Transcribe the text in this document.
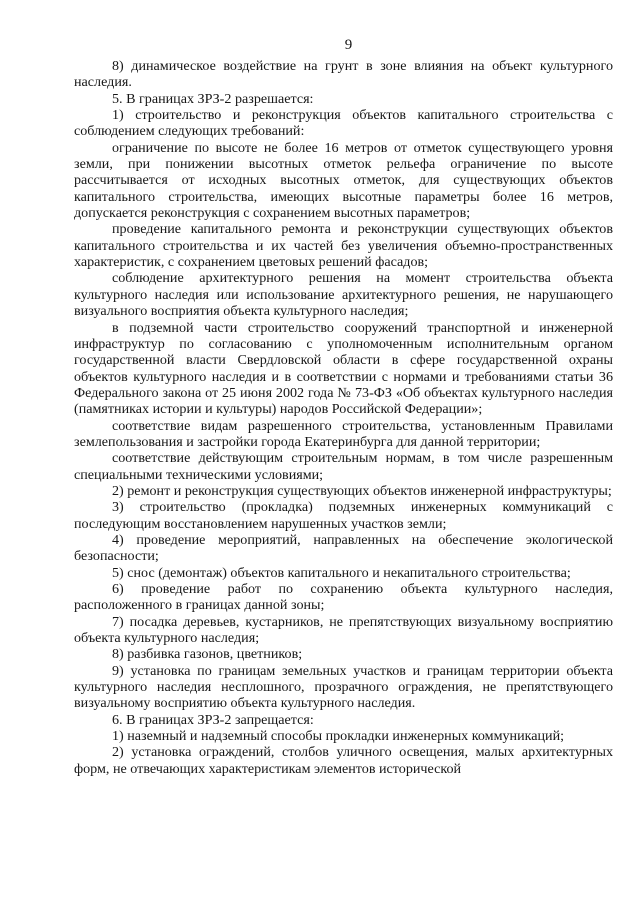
9

8) динамическое воздействие на грунт в зоне влияния на объект культурного наследия.

5. В границах ЗРЗ-2 разрешается:

1) строительство и реконструкция объектов капитального строительства с соблюдением следующих требований:

ограничение по высоте не более 16 метров от отметок существующего уровня земли, при понижении высотных отметок рельефа ограничение по высоте рассчитывается от исходных высотных отметок, для существующих объектов капитального строительства, имеющих высотные параметры более 16 метров, допускается реконструкция с сохранением высотных параметров;

проведение капитального ремонта и реконструкции существующих объектов капитального строительства и их частей без увеличения объемно-пространственных характеристик, с сохранением цветовых решений фасадов;

соблюдение архитектурного решения на момент строительства объекта культурного наследия или использование архитектурного решения, не нарушающего визуального восприятия объекта культурного наследия;

в подземной части строительство сооружений транспортной и инженерной инфраструктур по согласованию с уполномоченным исполнительным органом государственной власти Свердловской области в сфере государственной охраны объектов культурного наследия и в соответствии с нормами и требованиями статьи 36 Федерального закона от 25 июня 2002 года № 73-ФЗ «Об объектах культурного наследия (памятниках истории и культуры) народов Российской Федерации»;

соответствие видам разрешенного строительства, установленным Правилами землепользования и застройки города Екатеринбурга для данной территории;

соответствие действующим строительным нормам, в том числе разрешенным специальными техническими условиями;

2) ремонт и реконструкция существующих объектов инженерной инфраструктуры;

3) строительство (прокладка) подземных инженерных коммуникаций с последующим восстановлением нарушенных участков земли;

4) проведение мероприятий, направленных на обеспечение экологической безопасности;

5) снос (демонтаж) объектов капитального и некапитального строительства;

6) проведение работ по сохранению объекта культурного наследия, расположенного в границах данной зоны;

7) посадка деревьев, кустарников, не препятствующих визуальному восприятию объекта культурного наследия;

8) разбивка газонов, цветников;

9) установка по границам земельных участков и границам территории объекта культурного наследия несплошного, прозрачного ограждения, не препятствующего визуальному восприятию объекта культурного наследия.

6. В границах ЗРЗ-2 запрещается:

1) наземный и надземный способы прокладки инженерных коммуникаций;

2) установка ограждений, столбов уличного освещения, малых архитектурных форм, не отвечающих характеристикам элементов исторической
